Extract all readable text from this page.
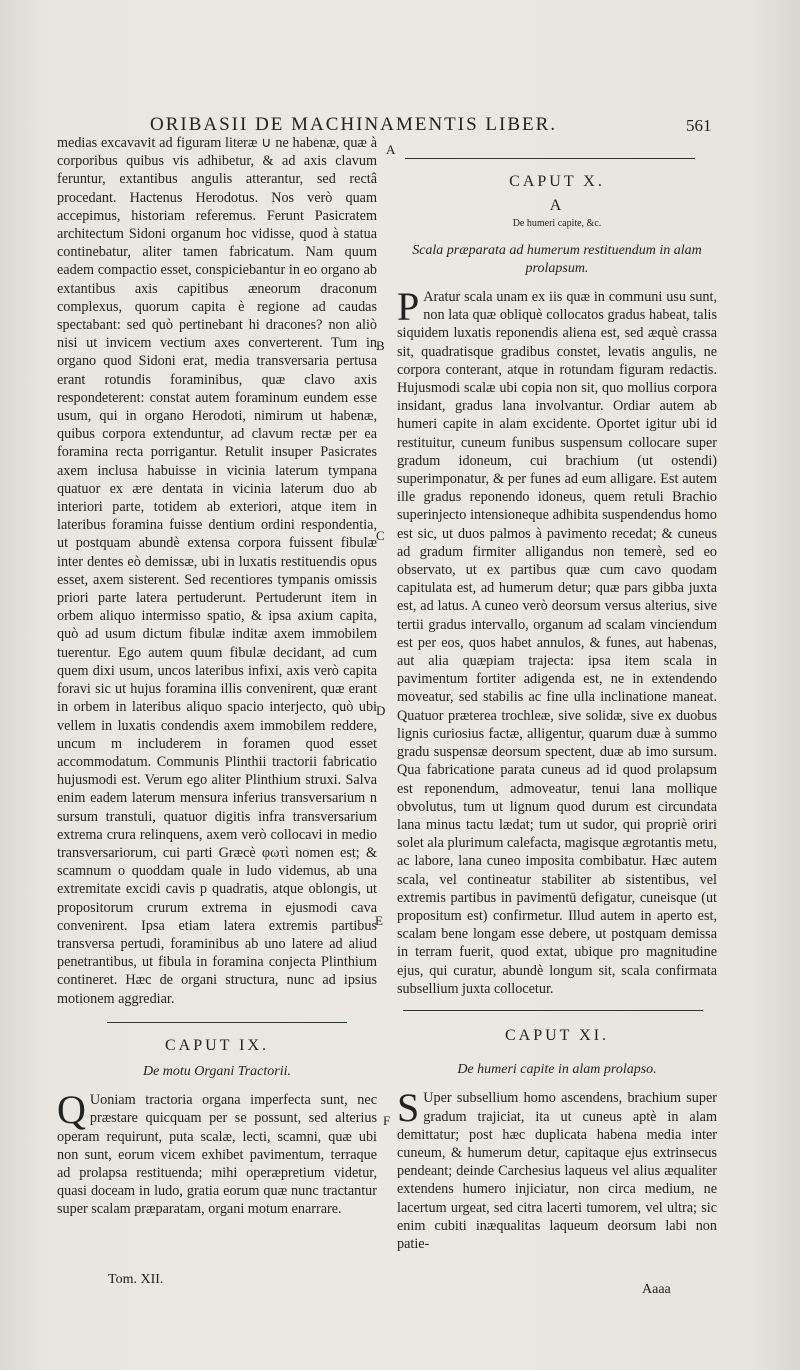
ORIBASII DE MACHINAMENTIS LIBER.	561

medias excavavit ad figuram literæ ∪ ne habenæ, quæ à corporibus quibus vis adhibetur, & ad axis clavum feruntur, extantibus angulis atterantur, sed rectâ procedant. Hactenus Herodotus. Nos verò quam accepimus, historiam referemus. Ferunt Pasicratem architectum Sidoni organum hoc vidisse, quod à statua continebatur, aliter tamen fabricatum. Nam quum eadem compactio esset, conspiciebantur in eo organo ab extantibus axis capitibus æneorum draconum complexus, quorum capita è regione ad caudas spectabant: sed quò pertinebant hi dracones? non aliò nisi ut invicem vectium axes converterent. Tum in organo quod Sidoni erat, media transversaria pertusa erant rotundis foraminibus, quæ clavo axis respondeterent: constat autem foraminum eundem esse usum, qui in organo Herodoti, nimirum ut habenæ, quibus corpora extenduntur, ad clavum rectæ per ea foramina recta porrigantur. Retulit insuper Pasicrates axem inclusa habuisse in vicinia laterum tympana quatuor ex ære dentata in vicinia laterum duo ab interiori parte, totidem ab exteriori, atque item in lateribus foramina fuisse dentium ordini respondentia, ut postquam abundè extensa corpora fuissent fibulæ inter dentes eò demissæ, ubi in luxatis restituendis opus esset, axem sisterent. Sed recentiores tympanis omissis priori parte latera pertuderunt. Pertuderunt item in orbem aliquo intermisso spatio, & ipsa axium capita, quò ad usum dictum fibulæ inditæ axem immobilem tuerentur. Ego autem quum fibulæ decidant, ad cum quem dixi usum, uncos lateribus infixi, axis verò capita foravi sic ut hujus foramina illis convenirent, quæ erant in orbem in lateribus aliquo spacio interjecto, quò ubi vellem in luxatis condendis axem immobilem reddere, uncum m includerem in foramen quod esset accommodatum. Communis Plinthii tractorii fabricatio hujusmodi est. Verum ego aliter Plinthium struxi. Salva enim eadem laterum mensura inferius transversarium n sursum transtuli, quatuor digitis infra transversarium extrema crura relinquens, axem verò collocavi in medio transversariorum, cui parti Græcè φωτὶ nomen est; & scamnum o quoddam quale in ludo videmus, ab una extremitate excidi cavis p quadratis, atque oblongis, ut propositorum crurum extrema in ejusmodi cava convenirent. Ipsa etiam latera extremis partibus transversa pertudi, foraminibus ab uno latere ad aliud penetrantibus, ut fibula in foramina conjecta Plinthium contineret. Hæc de organi structura, nunc ad ipsius motionem aggrediar.

CAPUT IX.

De motu Organi Tractorii.

Q Uoniam tractoria organa imperfecta sunt, nec præstare quicquam per se possunt, sed alterius operam requirunt, puta scalæ, lecti, scamni, quæ ubi non sunt, eorum vicem exhibet pavimentum, terraque ad prolapsa restituenda; mihi operæpretium videtur, quasi doceam in ludo, gratia eorum quæ nunc tractantur super scalam præparatam, organi motum enarrare.

CAPUT X.

A

De humeri capite, &c.

Scala præparata ad humerum restituendum in alam prolapsum.

P Aratur scala unam ex iis quæ in communi usu sunt, non lata quæ obliquè collocatos gradus habeat, talis siquidem luxatis reponendis aliena est, sed æquè crassa sit, quadratisque gradibus constet, levatis angulis, ne corpora conterant, atque in rotundam figuram redactis. Hujusmodi scalæ ubi copia non sit, quo mollius corpora insidant, gradus lana involvantur. Ordiar autem ab humeri capite in alam excidente. Oportet igitur ubi id restituitur, cuneum funibus suspensum collocare super gradum idoneum, cui brachium (ut ostendi) superimponatur, & per funes ad eum alligare. Est autem ille gradus reponendo idoneus, quem retuli Brachio superinjecto intensioneque adhibita suspendendus homo est sic, ut duos palmos à pavimento recedat; & cuneus ad gradum firmiter alligandus non temerè, sed eo observato, ut ex partibus quæ cum cavo quodam capitulata est, ad humerum detur; quæ pars gibba juxta est, ad latus. A cuneo verò deorsum versus alterius, sive tertii gradus intervallo, organum ad scalam vinciendum est per eos, quos habet annulos, & funes, aut habenas, aut alia quæpiam trajecta: ipsa item scala in pavimentum fortiter adigenda est, ne in extendendo moveatur, sed stabilis ac fine ulla inclinatione maneat. Quatuor præterea trochleæ, sive solidæ, sive ex duobus lignis curiosius factæ, alligentur, quarum duæ à summo gradu suspensæ deorsum spectent, duæ ab imo sursum. Qua fabricatione parata cuneus ad id quod prolapsum est reponendum, admoveatur, tenui lana mollique obvolutus, tum ut lignum quod durum est circundata lana minus tactu lædat; tum ut sudor, qui propriè oriri solet ala plurimum calefacta, magisque ægrotantis metu, ac labore, lana cuneo imposita combibatur. Hæc autem scala, vel contineatur stabiliter ab sistentibus, vel extremis partibus in pavimentū defigatur, cuneisque (ut propositum est) confirmetur. Illud autem in aperto est, scalam bene longam esse debere, ut postquam demissa in terram fuerit, quod extat, ubique pro magnitudine ejus, qui curatur, abundè longum sit, scala confirmata subsellium juxta collocetur.

CAPUT XI.

De humeri capite in alam prolapso.

S Uper subsellium homo ascendens, brachium super gradum trajiciat, ita ut cuneus aptè in alam demittatur; post hæc duplicata habena media inter cuneum, & humerum detur, capitaque ejus extrinsecus pendeant; deinde Carchesius laqueus vel alius æqualiter extendens humero injiciatur, non circa medium, ne lacertum urgeat, sed citra lacerti tumorem, vel ultra; sic enim cubiti inæqualitas laqueum deorsum labi non patie-

A
B
C
D
E
F
Tom. XII.
Aaaa
